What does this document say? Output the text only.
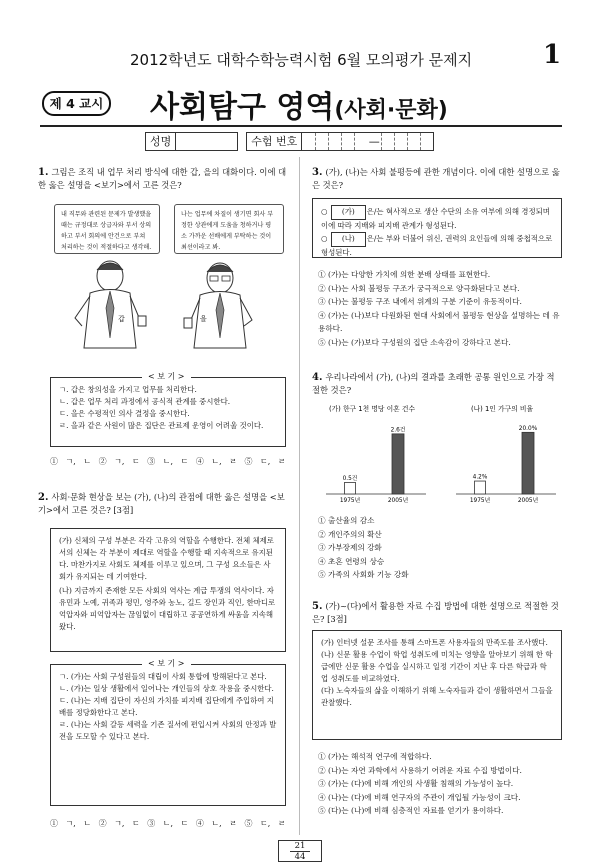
2012학년도 대학수학능력시험 6월 모의평가 문제지	1
제 4 교시 사회탐구 영역(사회·문화)
성명	수험 번호	—
1. 그림은 조직 내 업무 처리 방식에 대한 갑, 을의 대화이다. 이에 대한 옳은 설명을 <보기>에서 고른 것은?
내 직무와 관련된 문제가 발생했을 때는 규정대로 상급자와 부서 상의 하고 부서 회의에 안건으로 부쳐 처리하는 것이 적절하다고 생각해.
나는 업무에 차질이 생기면 회사 부정한 상관에게 도움을 청하거나 평소 가까운 선배에게 부탁하는 것이 최선이라고 봐.
갑	을
ㄱ. 갑은 창의성을 가지고 업무를 처리한다.
ㄴ. 갑은 업무 처리 과정에서 공식적 관계를 중시한다.
ㄷ. 을은 수평적인 의사 결정을 중시한다.
ㄹ. 을과 같은 사원이 많은 집단은 관료제 운영이 어려울 것이다.
< 보 기 >
① ㄱ, ㄴ ② ㄱ, ㄷ ③ ㄴ, ㄷ ④ ㄴ, ㄹ ⑤ ㄷ, ㄹ
2. 사회·문화 현상을 보는 (가), (나)의 관점에 대한 옳은 설명을 <보기>에서 고른 것은? [3점]
(가) 신체의 구성 부분은 각각 고유의 역할을 수행한다. 전체 체제로서의 신체는 각 부분이 제대로 역할을 수행할 때 지속적으로 유지된다. 마찬가지로 사회도 체제를 이루고 있으며, 그 구성 요소들은 사회가 유지되는 데 기여한다.
(나) 지금까지 존재한 모든 사회의 역사는 계급 투쟁의 역사이다. 자유민과 노예, 귀족과 평민, 영주와 농노, 길드 장인과 직인, 한마디로 억압자와 피억압자는 끊임없이 대립하고 공공연하게 싸움을 지속해왔다.
ㄱ. (가)는 사회 구성원들의 대립이 사회 통합에 방해된다고 본다.
ㄴ. (가)는 일상 생활에서 일어나는 개인들의 상호 작용을 중시한다.
ㄷ. (나)는 지배 집단이 자신의 가치를 피지배 집단에게 주입하여 지배를 정당화한다고 본다.
ㄹ. (나)는 사회 갈등 세력을 기존 질서에 편입시켜 사회의 안정과 발전을 도모할 수 있다고 본다.
< 보 기 >
① ㄱ, ㄴ ② ㄱ, ㄷ ③ ㄴ, ㄷ ④ ㄴ, ㄹ ⑤ ㄷ, ㄹ
3. (가), (나)는 사회 불평등에 관한 개념이다. 이에 대한 설명으로 옳은 것은?
○ (가) 은/는 혁사적으로 생산 수단의 소유 여부에 의해 경정되며 이에 따라 지배와 피지배 관계가 형성된다.
○ (나) 은/는 부와 더불어 위신, 권력의 요인들에 의해 중첩적으로 형성된다.
① (가)는 다양한 가치에 의한 분배 상태를 표현한다.
② (나)는 사회 불평등 구조가 궁극적으로 양극화된다고 본다.
③ (나)는 불평등 구조 내에서 위계의 구분 기준이 유동적이다.
④ (가)는 (나)보다 다원화된 현대 사회에서 불평등 현상을 설명하는 데 유용하다.
⑤ (나)는 (가)보다 구성원의 집단 소속감이 강하다고 본다.
4. 우리나라에서 (가), (나)의 결과를 초래한 공통 원인으로 가장 적절한 것은?
(가) 한구 1천 명당 이혼 건수
0.5건
1975년
2.6건
2005년
(나) 1인 가구의 비율
4.2%
1975년
20.0%
2005년
① 출산율의 감소
② 개인주의의 확산
③ 가부장제의 강화
④ 초혼 연령의 상승
⑤ 가족의 사회화 기능 강화
5. (가)~(다)에서 활용한 자료 수집 방법에 대한 설명으로 적절한 것은? [3점]
(가) 인터넷 설문 조사를 통해 스마트폰 사용자들의 만족도를 조사했다.
(나) 신문 활용 수업이 학업 성취도에 미치는 영향을 알아보기 위해 한 학급에만 신문 활용 수업을 실시하고 일정 기간이 지난 후 다른 학급과 학업 성취도를 비교하였다.
(다) 노숙자들의 삶을 이해하기 위해 노숙자들과 같이 생활하면서 그들을 관찰했다.
① (가)는 해석적 연구에 적합하다.
② (나)는 자연 과학에서 사용하기 어려운 자료 수집 방법이다.
③ (가)는 (다)에 비해 개인의 사생활 침해의 가능성이 높다.
④ (나)는 (다)에 비해 연구자의 주관이 개입될 가능성이 크다.
⑤ (다)는 (나)에 비해 심층적인 자료를 얻기가 용이하다.
21
44
